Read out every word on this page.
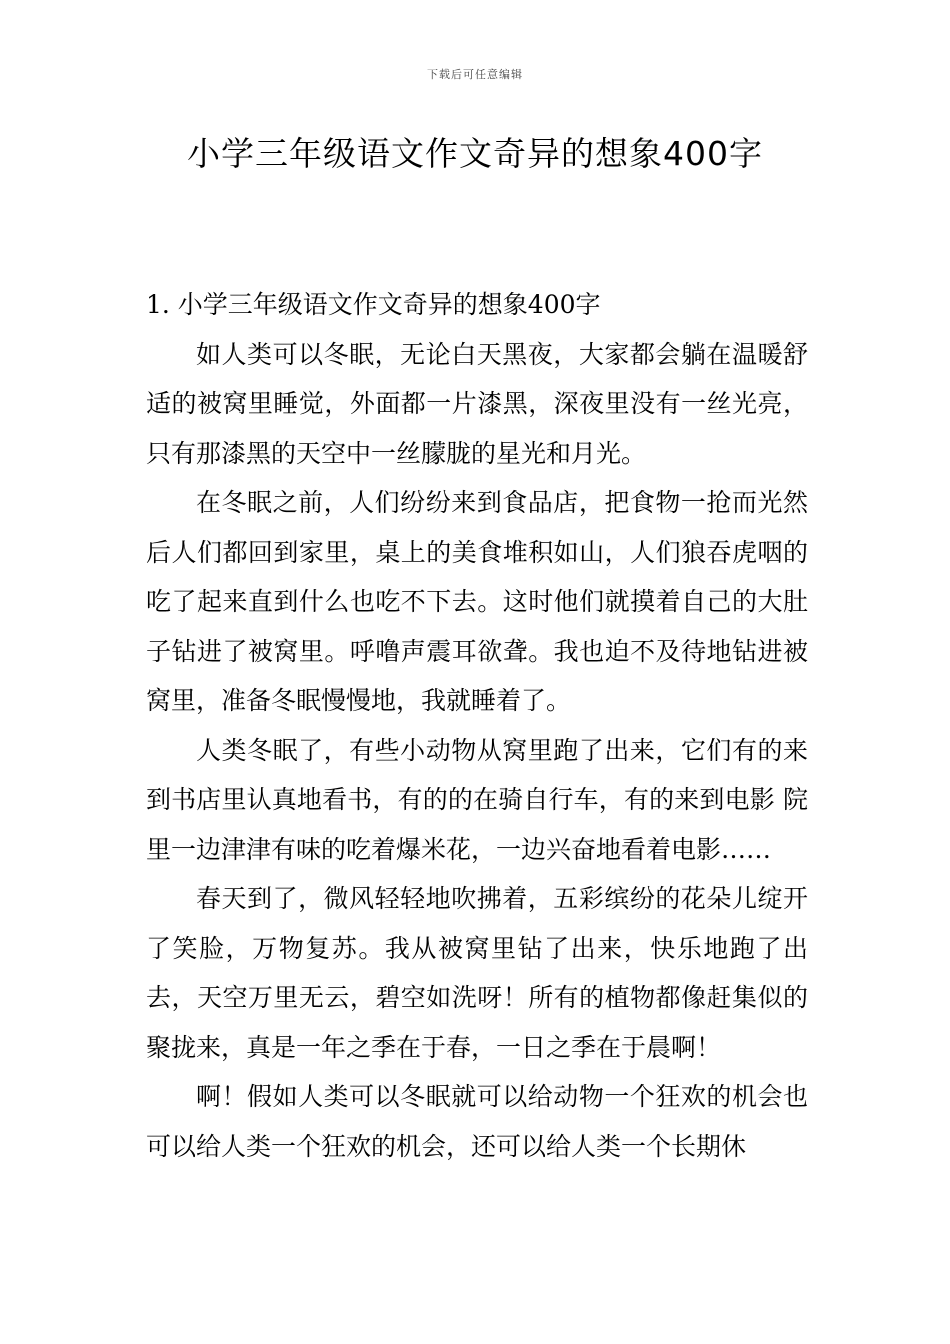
下载后可任意编辑
小学三年级语文作文奇异的想象400字

1. 小学三年级语文作文奇异的想象400字

如人类可以冬眠，无论白天黑夜，大家都会躺在温暖舒适的被窝里睡觉，外面都一片漆黑，深夜里没有一丝光亮，只有那漆黑的天空中一丝朦胧的星光和月光。

在冬眠之前，人们纷纷来到食品店，把食物一抢而光然后人们都回到家里，桌上的美食堆积如山，人们狼吞虎咽的吃了起来直到什么也吃不下去。这时他们就摸着自己的大肚子钻进了被窝里。呼噜声震耳欲聋。我也迫不及待地钻进被窝里，准备冬眠慢慢地，我就睡着了。

人类冬眠了，有些小动物从窝里跑了出来，它们有的来到书店里认真地看书，有的的在骑自行车，有的来到电影 院里一边津津有味的吃着爆米花，一边兴奋地看着电影……

春天到了，微风轻轻地吹拂着，五彩缤纷的花朵儿绽开了笑脸，万物复苏。我从被窝里钻了出来，快乐地跑了出去，天空万里无云，碧空如洗呀！所有的植物都像赶集似的聚拢来，真是一年之季在于春，一日之季在于晨啊！

啊！假如人类可以冬眠就可以给动物一个狂欢的机会也可以给人类一个狂欢的机会，还可以给人类一个长期休
